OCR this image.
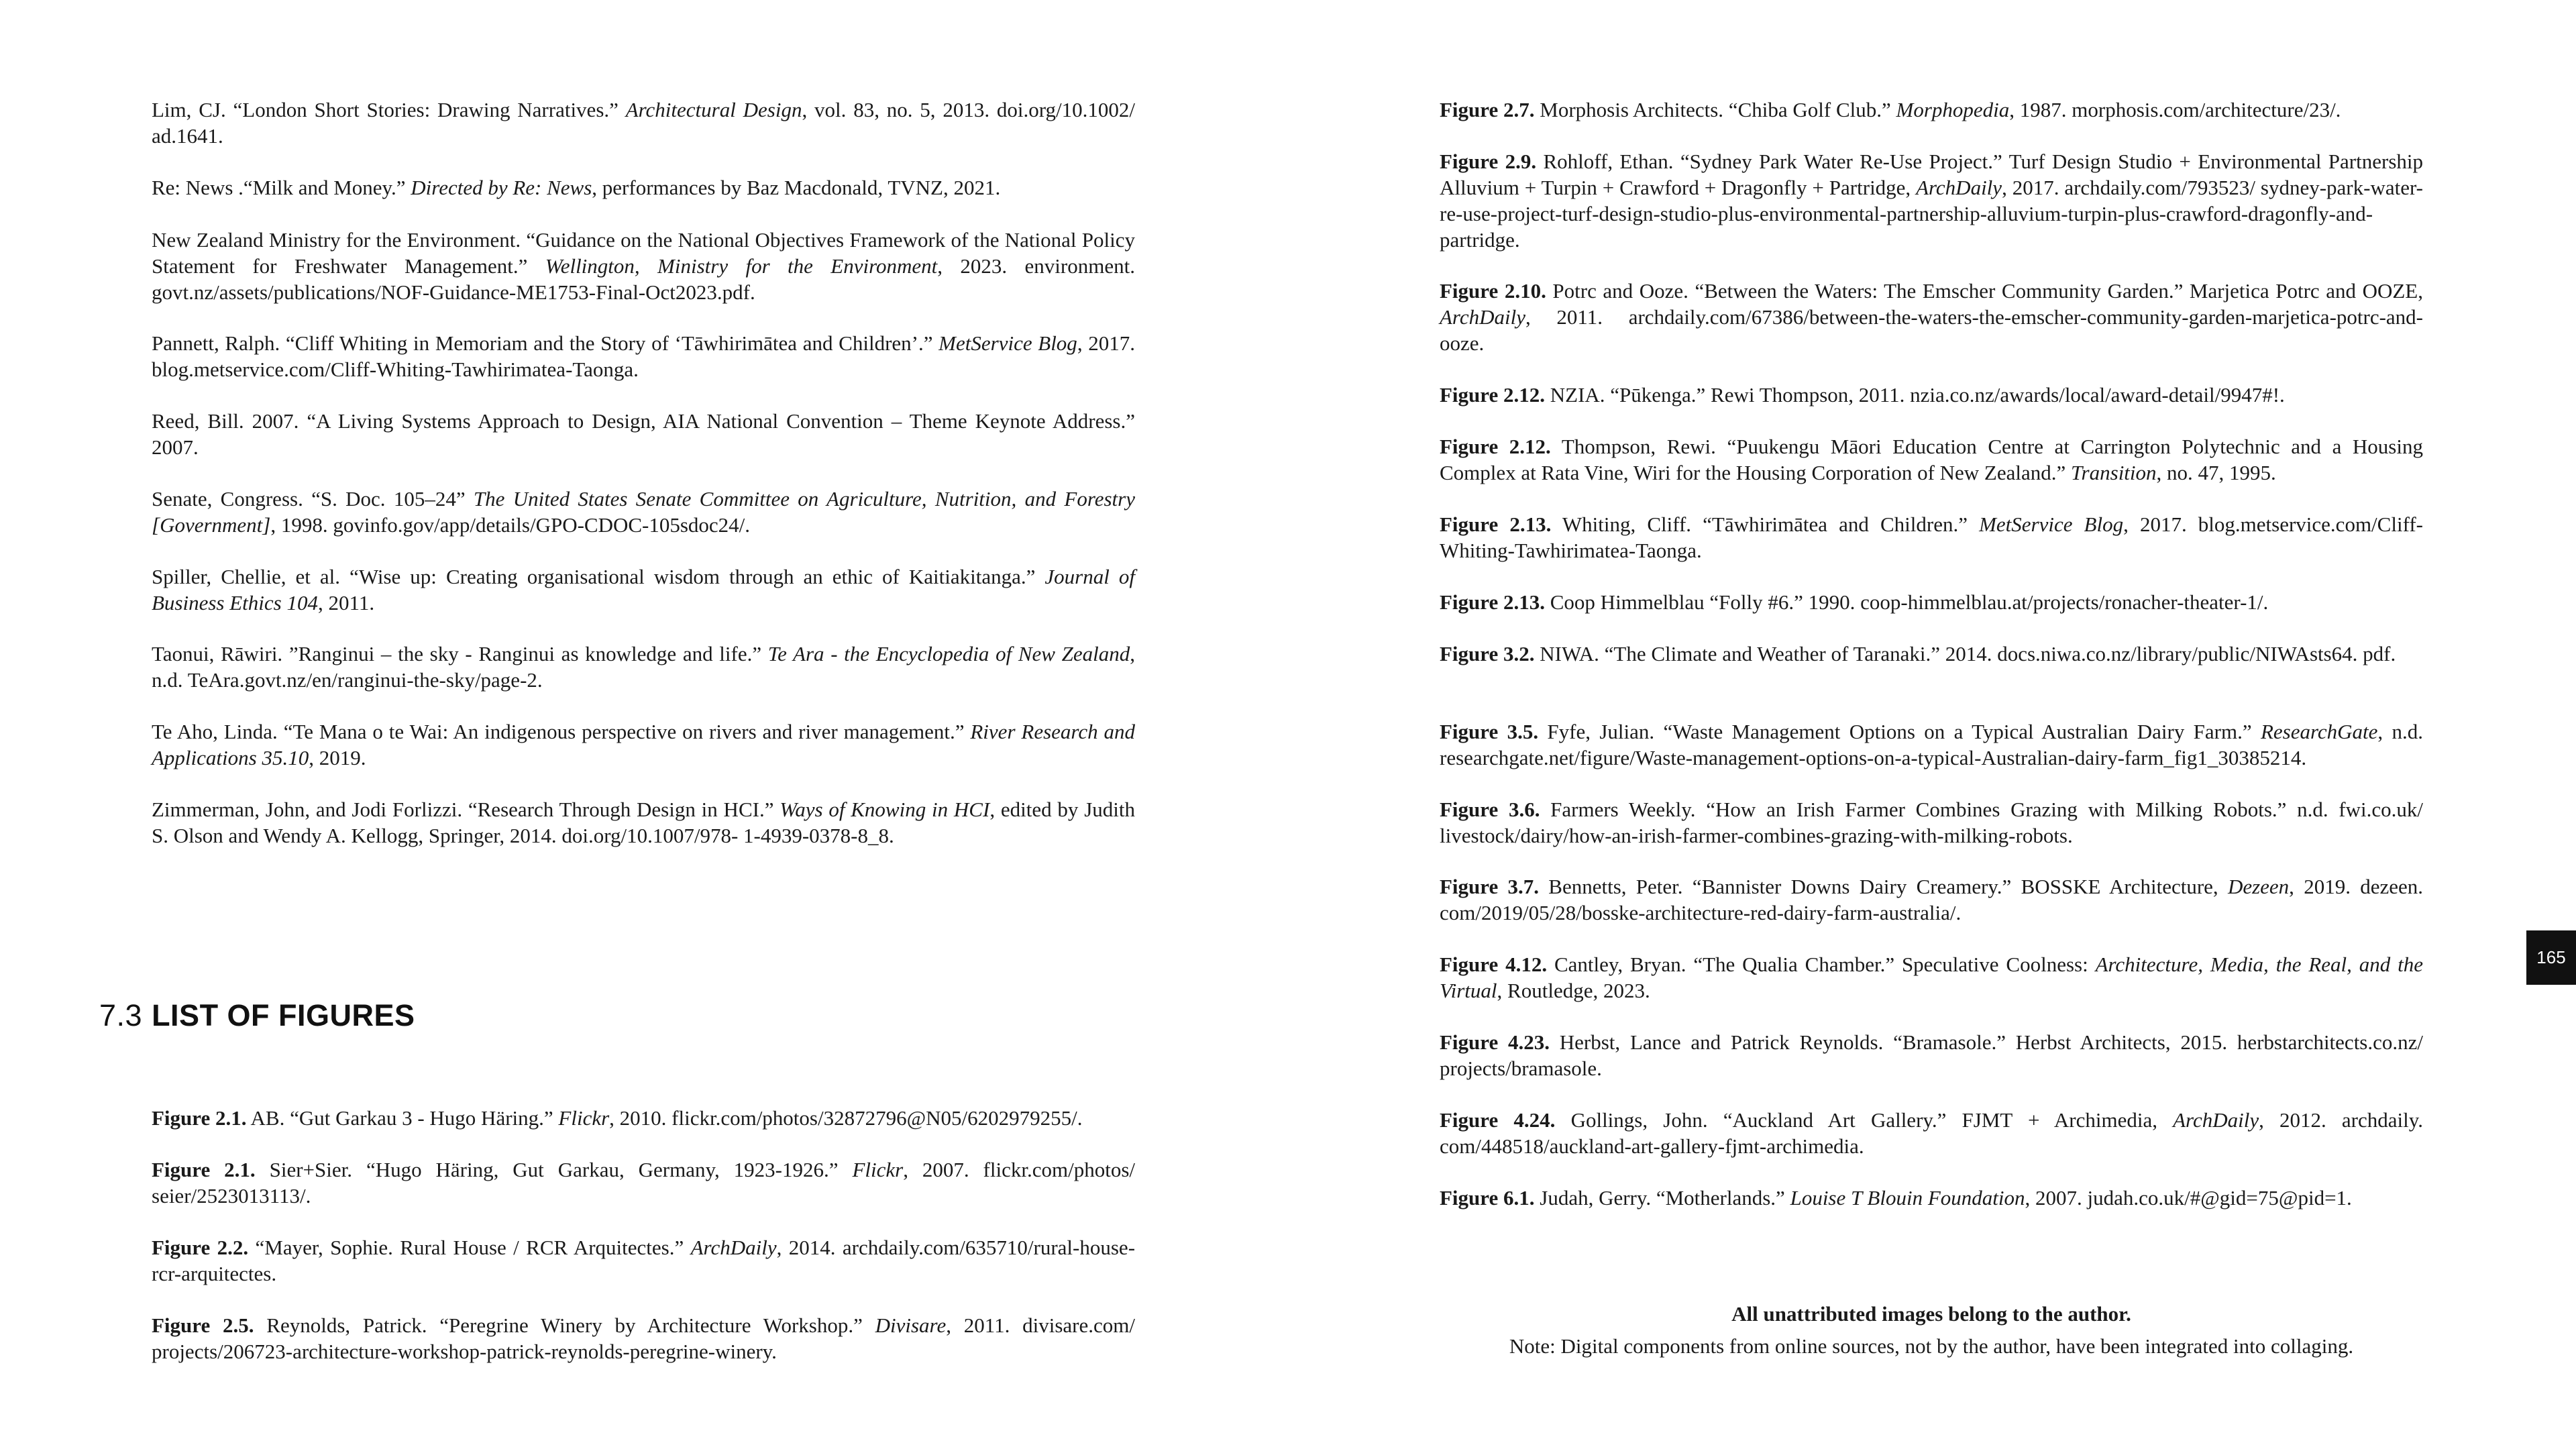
Lim, CJ. “London Short Stories: Drawing Narratives.” Architectural Design, vol. 83, no. 5, 2013. doi.org/10.1002/ ad.1641.
Re: News .“Milk and Money.” Directed by Re: News, performances by Baz Macdonald, TVNZ, 2021.
New Zealand Ministry for the Environment. “Guidance on the National Objectives Framework of the National Policy Statement for Freshwater Management.” Wellington, Ministry for the Environment, 2023. environment. govt.nz/assets/publications/NOF-Guidance-ME1753-Final-Oct2023.pdf.
Pannett, Ralph. “Cliff Whiting in Memoriam and the Story of ‘Tāwhirimātea and Children’.” MetService Blog, 2017. blog.metservice.com/Cliff-Whiting-Tawhirimatea-Taonga.
Reed, Bill. 2007. “A Living Systems Approach to Design, AIA National Convention – Theme Keynote Address.” 2007.
Senate, Congress. “S. Doc. 105–24” The United States Senate Committee on Agriculture, Nutrition, and Forestry [Government], 1998. govinfo.gov/app/details/GPO-CDOC-105sdoc24/.
Spiller, Chellie, et al. “Wise up: Creating organisational wisdom through an ethic of Kaitiakitanga.” Journal of Business Ethics 104, 2011.
Taonui, Rāwiri. ”Ranginui – the sky - Ranginui as knowledge and life.” Te Ara - the Encyclopedia of New Zealand, n.d. TeAra.govt.nz/en/ranginui-the-sky/page-2.
Te Aho, Linda. “Te Mana o te Wai: An indigenous perspective on rivers and river management.” River Research and Applications 35.10, 2019.
Zimmerman, John, and Jodi Forlizzi. “Research Through Design in HCI.” Ways of Knowing in HCI, edited by Judith S. Olson and Wendy A. Kellogg, Springer, 2014. doi.org/10.1007/978- 1-4939-0378-8_8.
Figure 2.1. AB. “Gut Garkau 3 - Hugo Häring.” Flickr, 2010. flickr.com/photos/32872796@N05/6202979255/.
Figure 2.1. Sier+Sier. “Hugo Häring, Gut Garkau, Germany, 1923-1926.” Flickr, 2007. flickr.com/photos/ seier/2523013113/.
Figure 2.2. “Mayer, Sophie. Rural House / RCR Arquitectes.” ArchDaily, 2014. archdaily.com/635710/rural-house-rcr-arquitectes.
Figure 2.5. Reynolds, Patrick. “Peregrine Winery by Architecture Workshop.” Divisare, 2011. divisare.com/ projects/206723-architecture-workshop-patrick-reynolds-peregrine-winery.
7.3 LIST OF FIGURES
Figure 2.7. Morphosis Architects. “Chiba Golf Club.” Morphopedia, 1987. morphosis.com/architecture/23/.
Figure 2.9. Rohloff, Ethan. “Sydney Park Water Re-Use Project.” Turf Design Studio + Environmental Partnership Alluvium + Turpin + Crawford + Dragonfly + Partridge, ArchDaily, 2017. archdaily.com/793523/ sydney-park-water-re-use-project-turf-design-studio-plus-environmental-partnership-alluvium-turpin-plus-crawford-dragonfly-and-partridge.
Figure 2.10. Potrc and Ooze. “Between the Waters: The Emscher Community Garden.” Marjetica Potrc and OOZE, ArchDaily, 2011. archdaily.com/67386/between-the-waters-the-emscher-community-garden-marjetica-potrc-and-ooze.
Figure 2.12. NZIA. “Pūkenga.” Rewi Thompson, 2011. nzia.co.nz/awards/local/award-detail/9947#!.
Figure 2.12. Thompson, Rewi. “Puukengu Māori Education Centre at Carrington Polytechnic and a Housing Complex at Rata Vine, Wiri for the Housing Corporation of New Zealand.” Transition, no. 47, 1995.
Figure 2.13. Whiting, Cliff. “Tāwhirimātea and Children.” MetService Blog, 2017. blog.metservice.com/Cliff-Whiting-Tawhirimatea-Taonga.
Figure 2.13. Coop Himmelblau “Folly #6.” 1990. coop-himmelblau.at/projects/ronacher-theater-1/.
Figure 3.2. NIWA. “The Climate and Weather of Taranaki.” 2014. docs.niwa.co.nz/library/public/NIWAsts64. pdf.
Figure 3.5. Fyfe, Julian. “Waste Management Options on a Typical Australian Dairy Farm.” ResearchGate, n.d. researchgate.net/figure/Waste-management-options-on-a-typical-Australian-dairy-farm_fig1_30385214.
Figure 3.6. Farmers Weekly. “How an Irish Farmer Combines Grazing with Milking Robots.” n.d. fwi.co.uk/ livestock/dairy/how-an-irish-farmer-combines-grazing-with-milking-robots.
Figure 3.7. Bennetts, Peter. “Bannister Downs Dairy Creamery.” BOSSKE Architecture, Dezeen, 2019. dezeen. com/2019/05/28/bosske-architecture-red-dairy-farm-australia/.
Figure 4.12. Cantley, Bryan. “The Qualia Chamber.” Speculative Coolness: Architecture, Media, the Real, and the Virtual, Routledge, 2023.
Figure 4.23. Herbst, Lance and Patrick Reynolds. “Bramasole.” Herbst Architects, 2015. herbstarchitects.co.nz/ projects/bramasole.
Figure 4.24. Gollings, John. “Auckland Art Gallery.” FJMT + Archimedia, ArchDaily, 2012. archdaily. com/448518/auckland-art-gallery-fjmt-archimedia.
Figure 6.1. Judah, Gerry. “Motherlands.” Louise T Blouin Foundation, 2007. judah.co.uk/#@gid=75@pid=1.
All unattributed images belong to the author.
Note: Digital components from online sources, not by the author, have been integrated into collaging.
165
